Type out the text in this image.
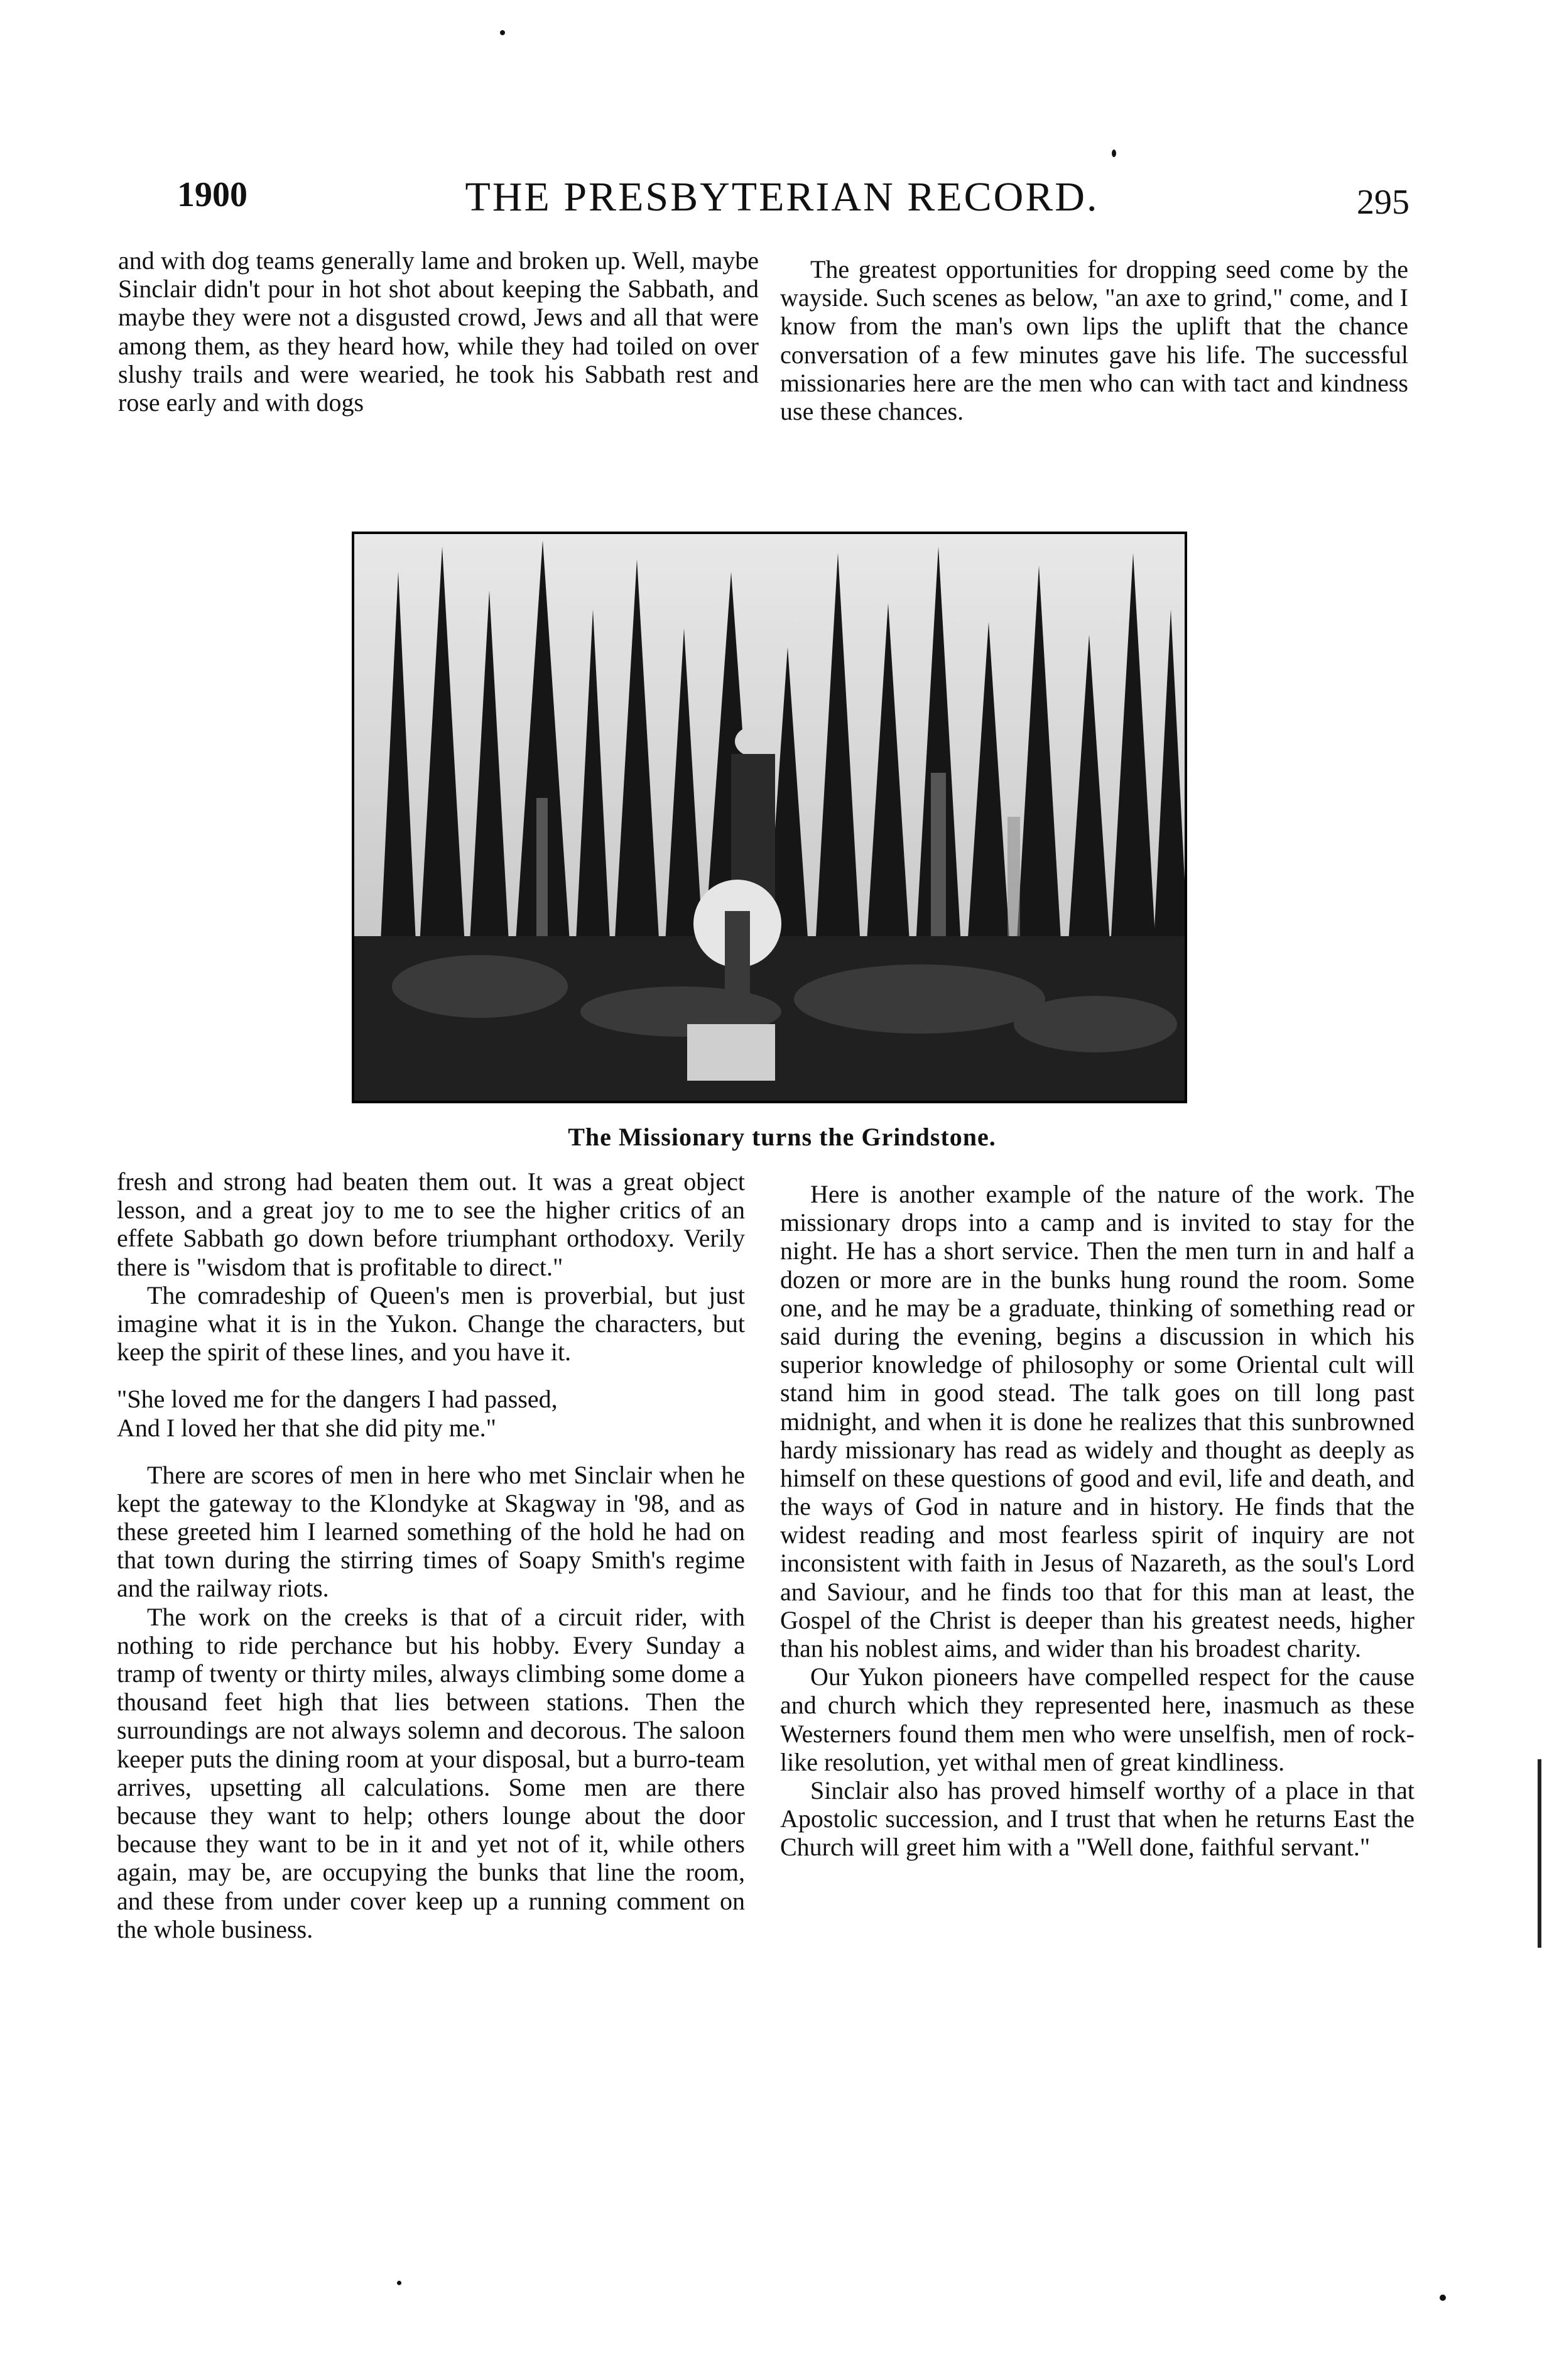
1900	THE PRESBYTERIAN RECORD.	295

and with dog teams generally lame and broken up. Well, maybe Sinclair didn't pour in hot shot about keeping the Sabbath, and maybe they were not a disgusted crowd, Jews and all that were among them, as they heard how, while they had toiled on over slushy trails and were wearied, he took his Sabbath rest and rose early and with dogs

The greatest opportunities for dropping seed come by the wayside. Such scenes as below, "an axe to grind," come, and I know from the man's own lips the uplift that the chance conversation of a few minutes gave his life. The successful missionaries here are the men who can with tact and kindness use these chances.

The Missionary turns the Grindstone.

fresh and strong had beaten them out. It was a great object lesson, and a great joy to me to see the higher critics of an effete Sabbath go down before triumphant orthodoxy. Verily there is "wisdom that is profitable to direct."

The comradeship of Queen's men is proverbial, but just imagine what it is in the Yukon. Change the characters, but keep the spirit of these lines, and you have it.

"She loved me for the dangers I had passed,
And I loved her that she did pity me."

There are scores of men in here who met Sinclair when he kept the gateway to the Klondyke at Skagway in '98, and as these greeted him I learned something of the hold he had on that town during the stirring times of Soapy Smith's regime and the railway riots.

The work on the creeks is that of a circuit rider, with nothing to ride perchance but his hobby. Every Sunday a tramp of twenty or thirty miles, always climbing some dome a thousand feet high that lies between stations. Then the surroundings are not always solemn and decorous. The saloon keeper puts the dining room at your disposal, but a burro-team arrives, upsetting all calculations. Some men are there because they want to help; others lounge about the door because they want to be in it and yet not of it, while others again, may be, are occupying the bunks that line the room, and these from under cover keep up a running comment on the whole business.

Here is another example of the nature of the work. The missionary drops into a camp and is invited to stay for the night. He has a short service. Then the men turn in and half a dozen or more are in the bunks hung round the room. Some one, and he may be a graduate, thinking of something read or said during the evening, begins a discussion in which his superior knowledge of philosophy or some Oriental cult will stand him in good stead. The talk goes on till long past midnight, and when it is done he realizes that this sunbrowned hardy missionary has read as widely and thought as deeply as himself on these questions of good and evil, life and death, and the ways of God in nature and in history. He finds that the widest reading and most fearless spirit of inquiry are not inconsistent with faith in Jesus of Nazareth, as the soul's Lord and Saviour, and he finds too that for this man at least, the Gospel of the Christ is deeper than his greatest needs, higher than his noblest aims, and wider than his broadest charity.

Our Yukon pioneers have compelled respect for the cause and church which they represented here, inasmuch as these Westerners found them men who were unselfish, men of rock-like resolution, yet withal men of great kindliness.

Sinclair also has proved himself worthy of a place in that Apostolic succession, and I trust that when he returns East the Church will greet him with a "Well done, faithful servant."
